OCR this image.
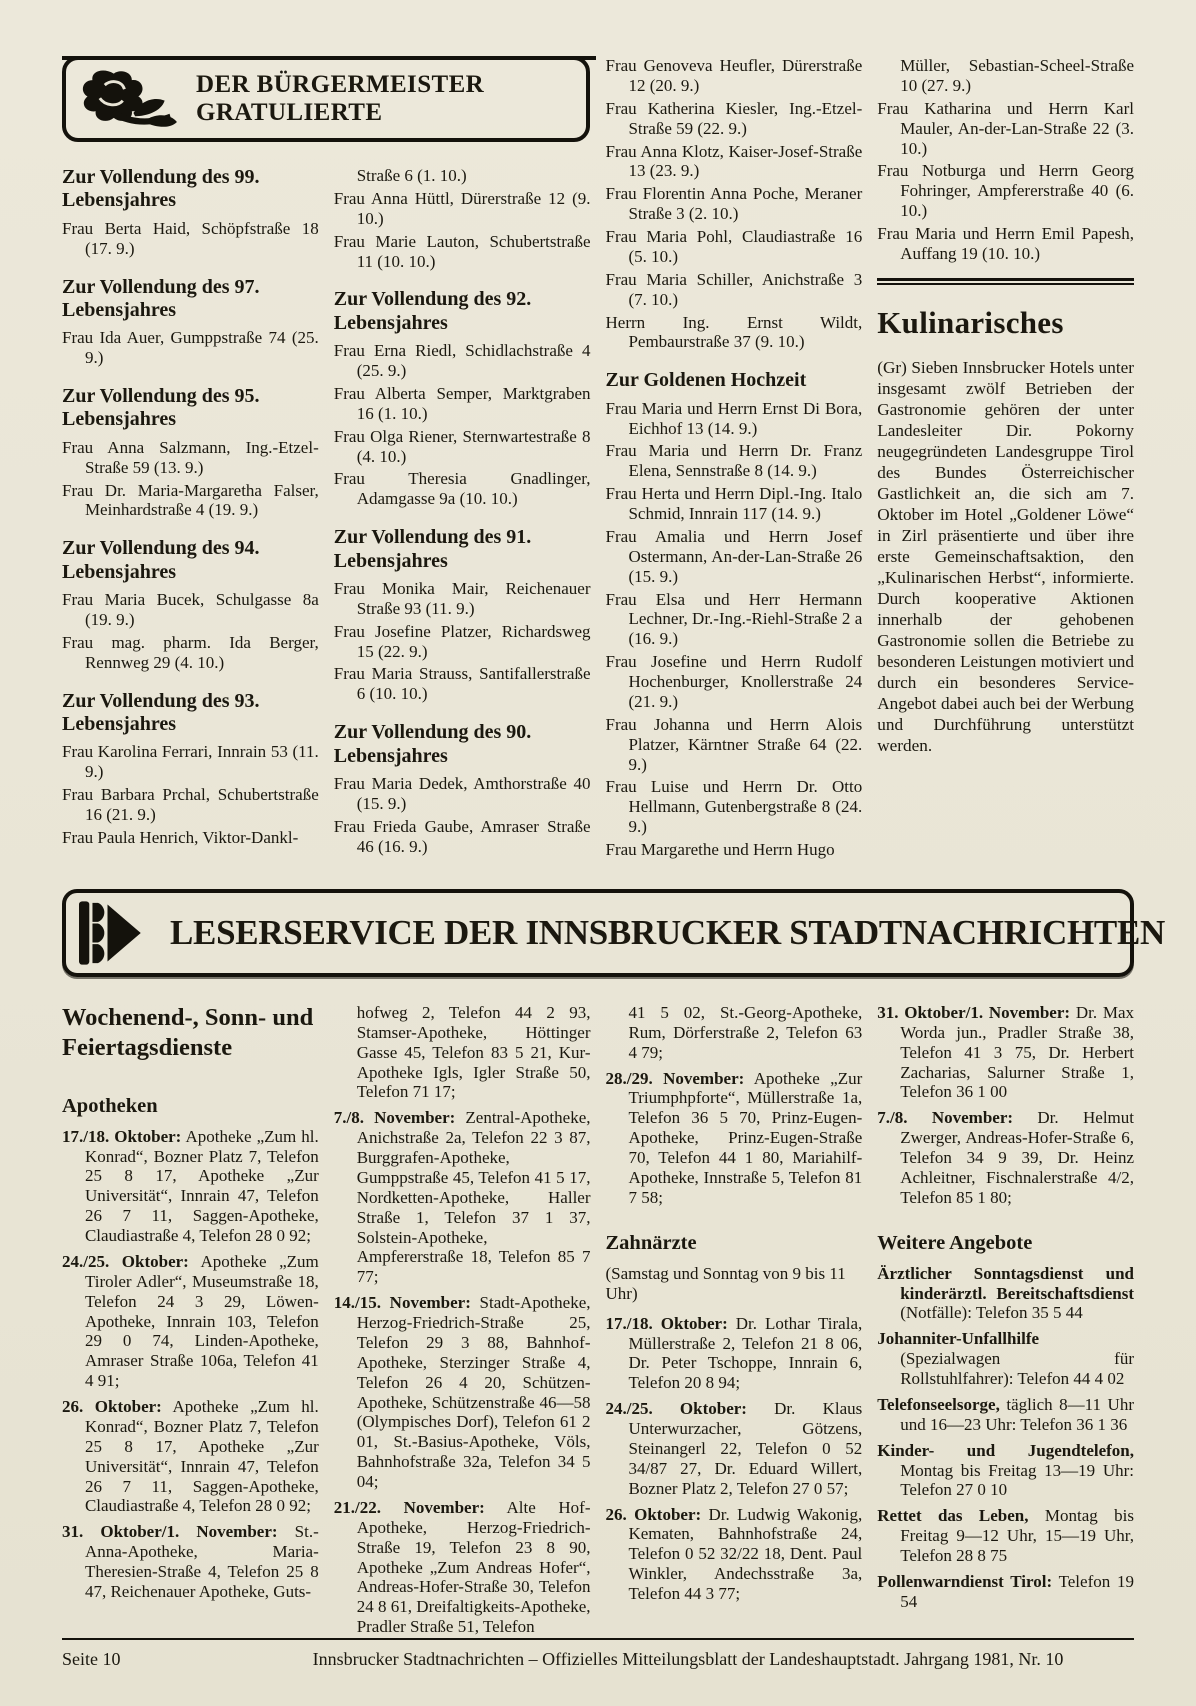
DER BÜRGERMEISTER GRATULIERTE
Zur Vollendung des 99. Lebensjahres

Frau Berta Haid, Schöpfstraße 18 (17. 9.)

Zur Vollendung des 97. Lebensjahres

Frau Ida Auer, Gumppstraße 74 (25. 9.)

Zur Vollendung des 95. Lebensjahres

Frau Anna Salzmann, Ing.-Etzel-Straße 59 (13. 9.)

Frau Dr. Maria-Margaretha Falser, Meinhardstraße 4 (19. 9.)

Zur Vollendung des 94. Lebensjahres

Frau Maria Bucek, Schulgasse 8a (19. 9.)

Frau mag. pharm. Ida Berger, Rennweg 29 (4. 10.)

Zur Vollendung des 93. Lebensjahres

Frau Karolina Ferrari, Innrain 53 (11. 9.)

Frau Barbara Prchal, Schubertstraße 16 (21. 9.)

Frau Paula Henrich, Viktor-Dankl-

Straße 6 (1. 10.)

Frau Anna Hüttl, Dürerstraße 12 (9. 10.)

Frau Marie Lauton, Schubertstraße 11 (10. 10.)

Zur Vollendung des 92. Lebensjahres

Frau Erna Riedl, Schidlachstraße 4 (25. 9.)

Frau Alberta Semper, Marktgraben 16 (1. 10.)

Frau Olga Riener, Sternwartestraße 8 (4. 10.)

Frau Theresia Gnadlinger, Adamgasse 9a (10. 10.)

Zur Vollendung des 91. Lebensjahres

Frau Monika Mair, Reichenauer Straße 93 (11. 9.)

Frau Josefine Platzer, Richardsweg 15 (22. 9.)

Frau Maria Strauss, Santifallerstraße 6 (10. 10.)

Zur Vollendung des 90. Lebensjahres

Frau Maria Dedek, Amthorstraße 40 (15. 9.)

Frau Frieda Gaube, Amraser Straße 46 (16. 9.)

Frau Genoveva Heufler, Dürerstraße 12 (20. 9.)

Frau Katherina Kiesler, Ing.-Etzel-Straße 59 (22. 9.)

Frau Anna Klotz, Kaiser-Josef-Straße 13 (23. 9.)

Frau Florentin Anna Poche, Meraner Straße 3 (2. 10.)

Frau Maria Pohl, Claudiastraße 16 (5. 10.)

Frau Maria Schiller, Anichstraße 3 (7. 10.)

Herrn Ing. Ernst Wildt, Pembaurstraße 37 (9. 10.)

Zur Goldenen Hochzeit

Frau Maria und Herrn Ernst Di Bora, Eichhof 13 (14. 9.)

Frau Maria und Herrn Dr. Franz Elena, Sennstraße 8 (14. 9.)

Frau Herta und Herrn Dipl.-Ing. Italo Schmid, Innrain 117 (14. 9.)

Frau Amalia und Herrn Josef Ostermann, An-der-Lan-Straße 26 (15. 9.)

Frau Elsa und Herr Hermann Lechner, Dr.-Ing.-Riehl-Straße 2 a (16. 9.)

Frau Josefine und Herrn Rudolf Hochenburger, Knollerstraße 24 (21. 9.)

Frau Johanna und Herrn Alois Platzer, Kärntner Straße 64 (22. 9.)

Frau Luise und Herrn Dr. Otto Hellmann, Gutenbergstraße 8 (24. 9.)

Frau Margarethe und Herrn Hugo

Müller, Sebastian-Scheel-Straße 10 (27. 9.)

Frau Katharina und Herrn Karl Mauler, An-der-Lan-Straße 22 (3. 10.)

Frau Notburga und Herrn Georg Fohringer, Ampfererstraße 40 (6. 10.)

Frau Maria und Herrn Emil Papesh, Auffang 19 (10. 10.)

Kulinarisches

(Gr) Sieben Innsbrucker Hotels unter insgesamt zwölf Betrieben der Gastronomie gehören der unter Landesleiter Dir. Pokorny neugegründeten Landesgruppe Tirol des Bundes Österreichischer Gastlichkeit an, die sich am 7. Oktober im Hotel „Goldener Löwe“ in Zirl präsentierte und über ihre erste Gemeinschaftsaktion, den „Kulinarischen Herbst“, informierte. Durch kooperative Aktionen innerhalb der gehobenen Gastronomie sollen die Betriebe zu besonderen Leistungen motiviert und durch ein besonderes Service-Angebot dabei auch bei der Werbung und Durchführung unterstützt werden.

LESERSERVICE DER INNSBRUCKER STADTNACHRICHTEN
Wochenend-, Sonn- und Feiertagsdienste
Apotheken

17./18. Oktober: Apotheke „Zum hl. Konrad“, Bozner Platz 7, Telefon 25 8 17, Apotheke „Zur Universität“, Innrain 47, Telefon 26 7 11, Saggen-Apotheke, Claudiastraße 4, Telefon 28 0 92;

24./25. Oktober: Apotheke „Zum Tiroler Adler“, Museumstraße 18, Telefon 24 3 29, Löwen-Apotheke, Innrain 103, Telefon 29 0 74, Linden-Apotheke, Amraser Straße 106a, Telefon 41 4 91;

26. Oktober: Apotheke „Zum hl. Konrad“, Bozner Platz 7, Telefon 25 8 17, Apotheke „Zur Universität“, Innrain 47, Telefon 26 7 11, Saggen-Apotheke, Claudiastraße 4, Telefon 28 0 92;

31. Oktober/1. November: St.-Anna-Apotheke, Maria-Theresien-Straße 4, Telefon 25 8 47, Reichenauer Apotheke, Guts-

hofweg 2, Telefon 44 2 93, Stamser-Apotheke, Höttinger Gasse 45, Telefon 83 5 21, Kur-Apotheke Igls, Igler Straße 50, Telefon 71 17;

7./8. November: Zentral-Apotheke, Anichstraße 2a, Telefon 22 3 87, Burggrafen-Apotheke, Gumppstraße 45, Telefon 41 5 17, Nordketten-Apotheke, Haller Straße 1, Telefon 37 1 37, Solstein-Apotheke, Ampfererstraße 18, Telefon 85 7 77;

14./15. November: Stadt-Apotheke, Herzog-Friedrich-Straße 25, Telefon 29 3 88, Bahnhof-Apotheke, Sterzinger Straße 4, Telefon 26 4 20, Schützen-Apotheke, Schützenstraße 46—58 (Olympisches Dorf), Telefon 61 2 01, St.-Basius-Apotheke, Völs, Bahnhofstraße 32a, Telefon 34 5 04;

21./22. November: Alte Hof-Apotheke, Herzog-Friedrich-Straße 19, Telefon 23 8 90, Apotheke „Zum Andreas Hofer“, Andreas-Hofer-Straße 30, Telefon 24 8 61, Dreifaltigkeits-Apotheke, Pradler Straße 51, Telefon

41 5 02, St.-Georg-Apotheke, Rum, Dörferstraße 2, Telefon 63 4 79;

28./29. November: Apotheke „Zur Triumphpforte“, Müllerstraße 1a, Telefon 36 5 70, Prinz-Eugen-Apotheke, Prinz-Eugen-Straße 70, Telefon 44 1 80, Mariahilf-Apotheke, Innstraße 5, Telefon 81 7 58;

Zahnärzte

(Samstag und Sonntag von 9 bis 11 Uhr)

17./18. Oktober: Dr. Lothar Tirala, Müllerstraße 2, Telefon 21 8 06, Dr. Peter Tschoppe, Innrain 6, Telefon 20 8 94;

24./25. Oktober: Dr. Klaus Unterwurzacher, Götzens, Steinangerl 22, Telefon 0 52 34/87 27, Dr. Eduard Willert, Bozner Platz 2, Telefon 27 0 57;

26. Oktober: Dr. Ludwig Wakonig, Kematen, Bahnhofstraße 24, Telefon 0 52 32/22 18, Dent. Paul Winkler, Andechsstraße 3a, Telefon 44 3 77;

31. Oktober/1. November: Dr. Max Worda jun., Pradler Straße 38, Telefon 41 3 75, Dr. Herbert Zacharias, Salurner Straße 1, Telefon 36 1 00

7./8. November: Dr. Helmut Zwerger, Andreas-Hofer-Straße 6, Telefon 34 9 39, Dr. Heinz Achleitner, Fischnalerstraße 4/2, Telefon 85 1 80;

Weitere Angebote

Ärztlicher Sonntagsdienst und kinderärztl. Bereitschaftsdienst (Notfälle): Telefon 35 5 44

Johanniter-Unfallhilfe (Spezialwagen für Rollstuhlfahrer): Telefon 44 4 02

Telefonseelsorge, täglich 8—11 Uhr und 16—23 Uhr: Telefon 36 1 36

Kinder- und Jugendtelefon, Montag bis Freitag 13—19 Uhr: Telefon 27 0 10

Rettet das Leben, Montag bis Freitag 9—12 Uhr, 15—19 Uhr, Telefon 28 8 75

Pollenwarndienst Tirol: Telefon 19 54

Seite 10	Innsbrucker Stadtnachrichten – Offizielles Mitteilungsblatt der Landeshauptstadt. Jahrgang 1981, Nr. 10
